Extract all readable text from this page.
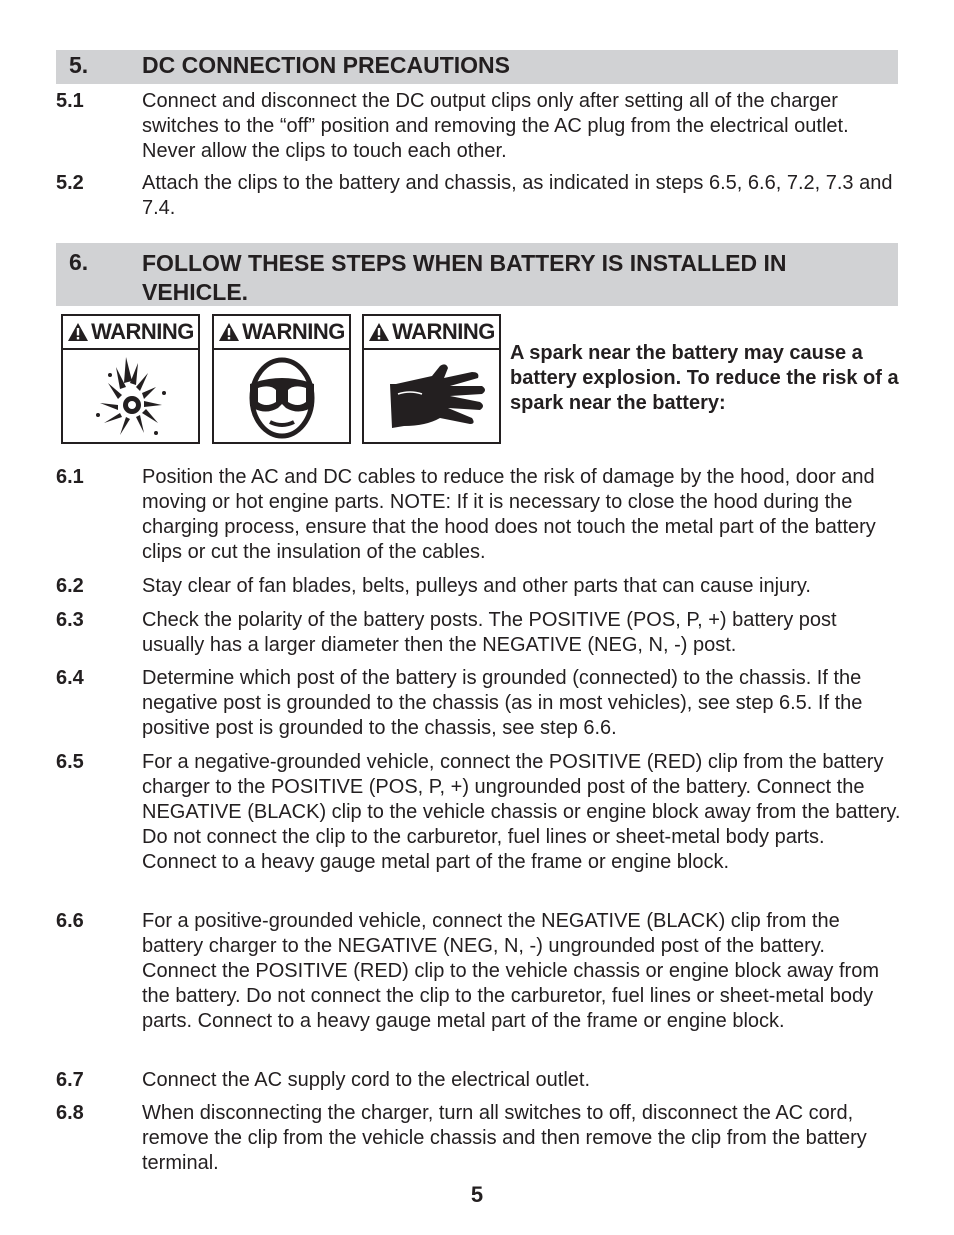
5. DC CONNECTION PRECAUTIONS
5.1	Connect and disconnect the DC output clips only after setting all of the charger switches to the “off” position and removing the AC plug from the electrical outlet. Never allow the clips to touch each other.
5.2	Attach the clips to the battery and chassis, as indicated in steps 6.5, 6.6, 7.2, 7.3 and 7.4.
6. FOLLOW THESE STEPS WHEN BATTERY IS INSTALLED IN VEHICLE.
WARNING WARNING WARNING
A spark near the battery may cause a battery explosion. To reduce the risk of a spark near the battery:
6.1	Position the AC and DC cables to reduce the risk of damage by the hood, door and moving or hot engine parts. NOTE: If it is necessary to close the hood during the charging process, ensure that the hood does not touch the metal part of the battery clips or cut the insulation of the cables.
6.2	Stay clear of fan blades, belts, pulleys and other parts that can cause injury.
6.3	Check the polarity of the battery posts. The POSITIVE (POS, P, +) battery post usually has a larger diameter then the NEGATIVE (NEG, N, -) post.
6.4	Determine which post of the battery is grounded (connected) to the chassis. If the negative post is grounded to the chassis (as in most vehicles), see step 6.5. If the positive post is grounded to the chassis, see step 6.6.
6.5	For a negative-grounded vehicle, connect the POSITIVE (RED) clip from the battery charger to the POSITIVE (POS, P, +) ungrounded post of the battery. Connect the NEGATIVE (BLACK) clip to the vehicle chassis or engine block away from the battery. Do not connect the clip to the carburetor, fuel lines or sheet-metal body parts. Connect to a heavy gauge metal part of the frame or engine block.
6.6	For a positive-grounded vehicle, connect the NEGATIVE (BLACK) clip from the battery charger to the NEGATIVE (NEG, N, -) ungrounded post of the battery. Connect the POSITIVE (RED) clip to the vehicle chassis or engine block away from the battery. Do not connect the clip to the carburetor, fuel lines or sheet-metal body parts. Connect to a heavy gauge metal part of the frame or engine block.
6.7	Connect the AC supply cord to the electrical outlet.
6.8	When disconnecting the charger, turn all switches to off, disconnect the AC cord, remove the clip from the vehicle chassis and then remove the clip from the battery terminal.
5
